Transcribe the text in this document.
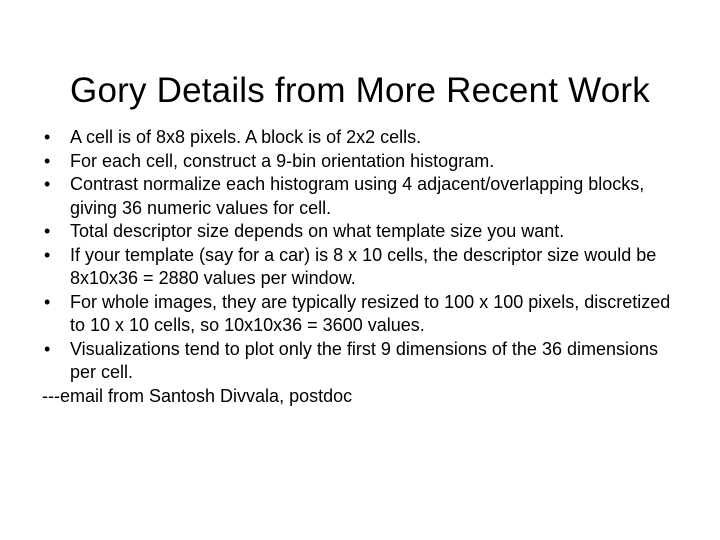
Gory Details from More Recent Work
•	A cell is of 8x8 pixels. A block is of 2x2 cells.
•	For each cell, construct a 9-bin orientation histogram.
•	Contrast normalize each histogram using 4 adjacent/overlapping blocks, giving 36 numeric values for cell.
•	Total descriptor size depends on what template size you want.
•	If your template (say for a car) is 8 x 10 cells, the descriptor size would be 8x10x36 = 2880 values per window.
•	For whole images, they are typically resized to 100 x 100 pixels, discretized to 10 x 10 cells, so 10x10x36 = 3600 values.
•	Visualizations tend to plot only the first 9 dimensions of the 36 dimensions per cell.
---email from Santosh Divvala, postdoc
